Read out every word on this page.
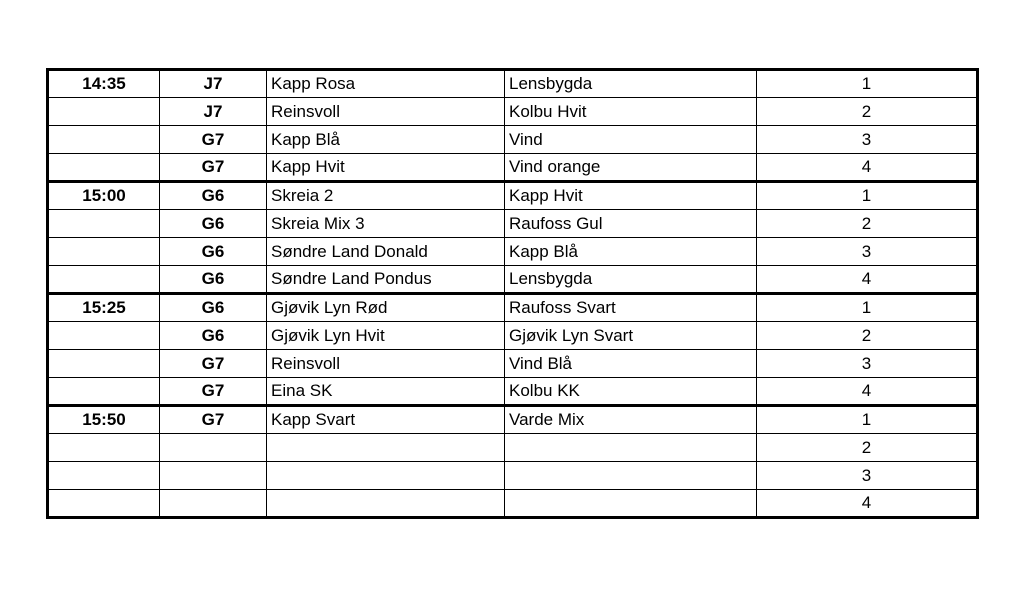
14:35	J7	Kapp Rosa	Lensbygda	1
	J7	Reinsvoll	Kolbu Hvit	2
	G7	Kapp Blå	Vind	3
	G7	Kapp Hvit	Vind orange	4
15:00	G6	Skreia 2	Kapp Hvit	1
	G6	Skreia Mix 3	Raufoss Gul	2
	G6	Søndre Land Donald	Kapp Blå	3
	G6	Søndre Land Pondus	Lensbygda	4
15:25	G6	Gjøvik Lyn Rød	Raufoss Svart	1
	G6	Gjøvik Lyn Hvit	Gjøvik Lyn Svart	2
	G7	Reinsvoll	Vind Blå	3
	G7	Eina SK	Kolbu KK	4
15:50	G7	Kapp Svart	Varde Mix	1
				2
				3
				4
